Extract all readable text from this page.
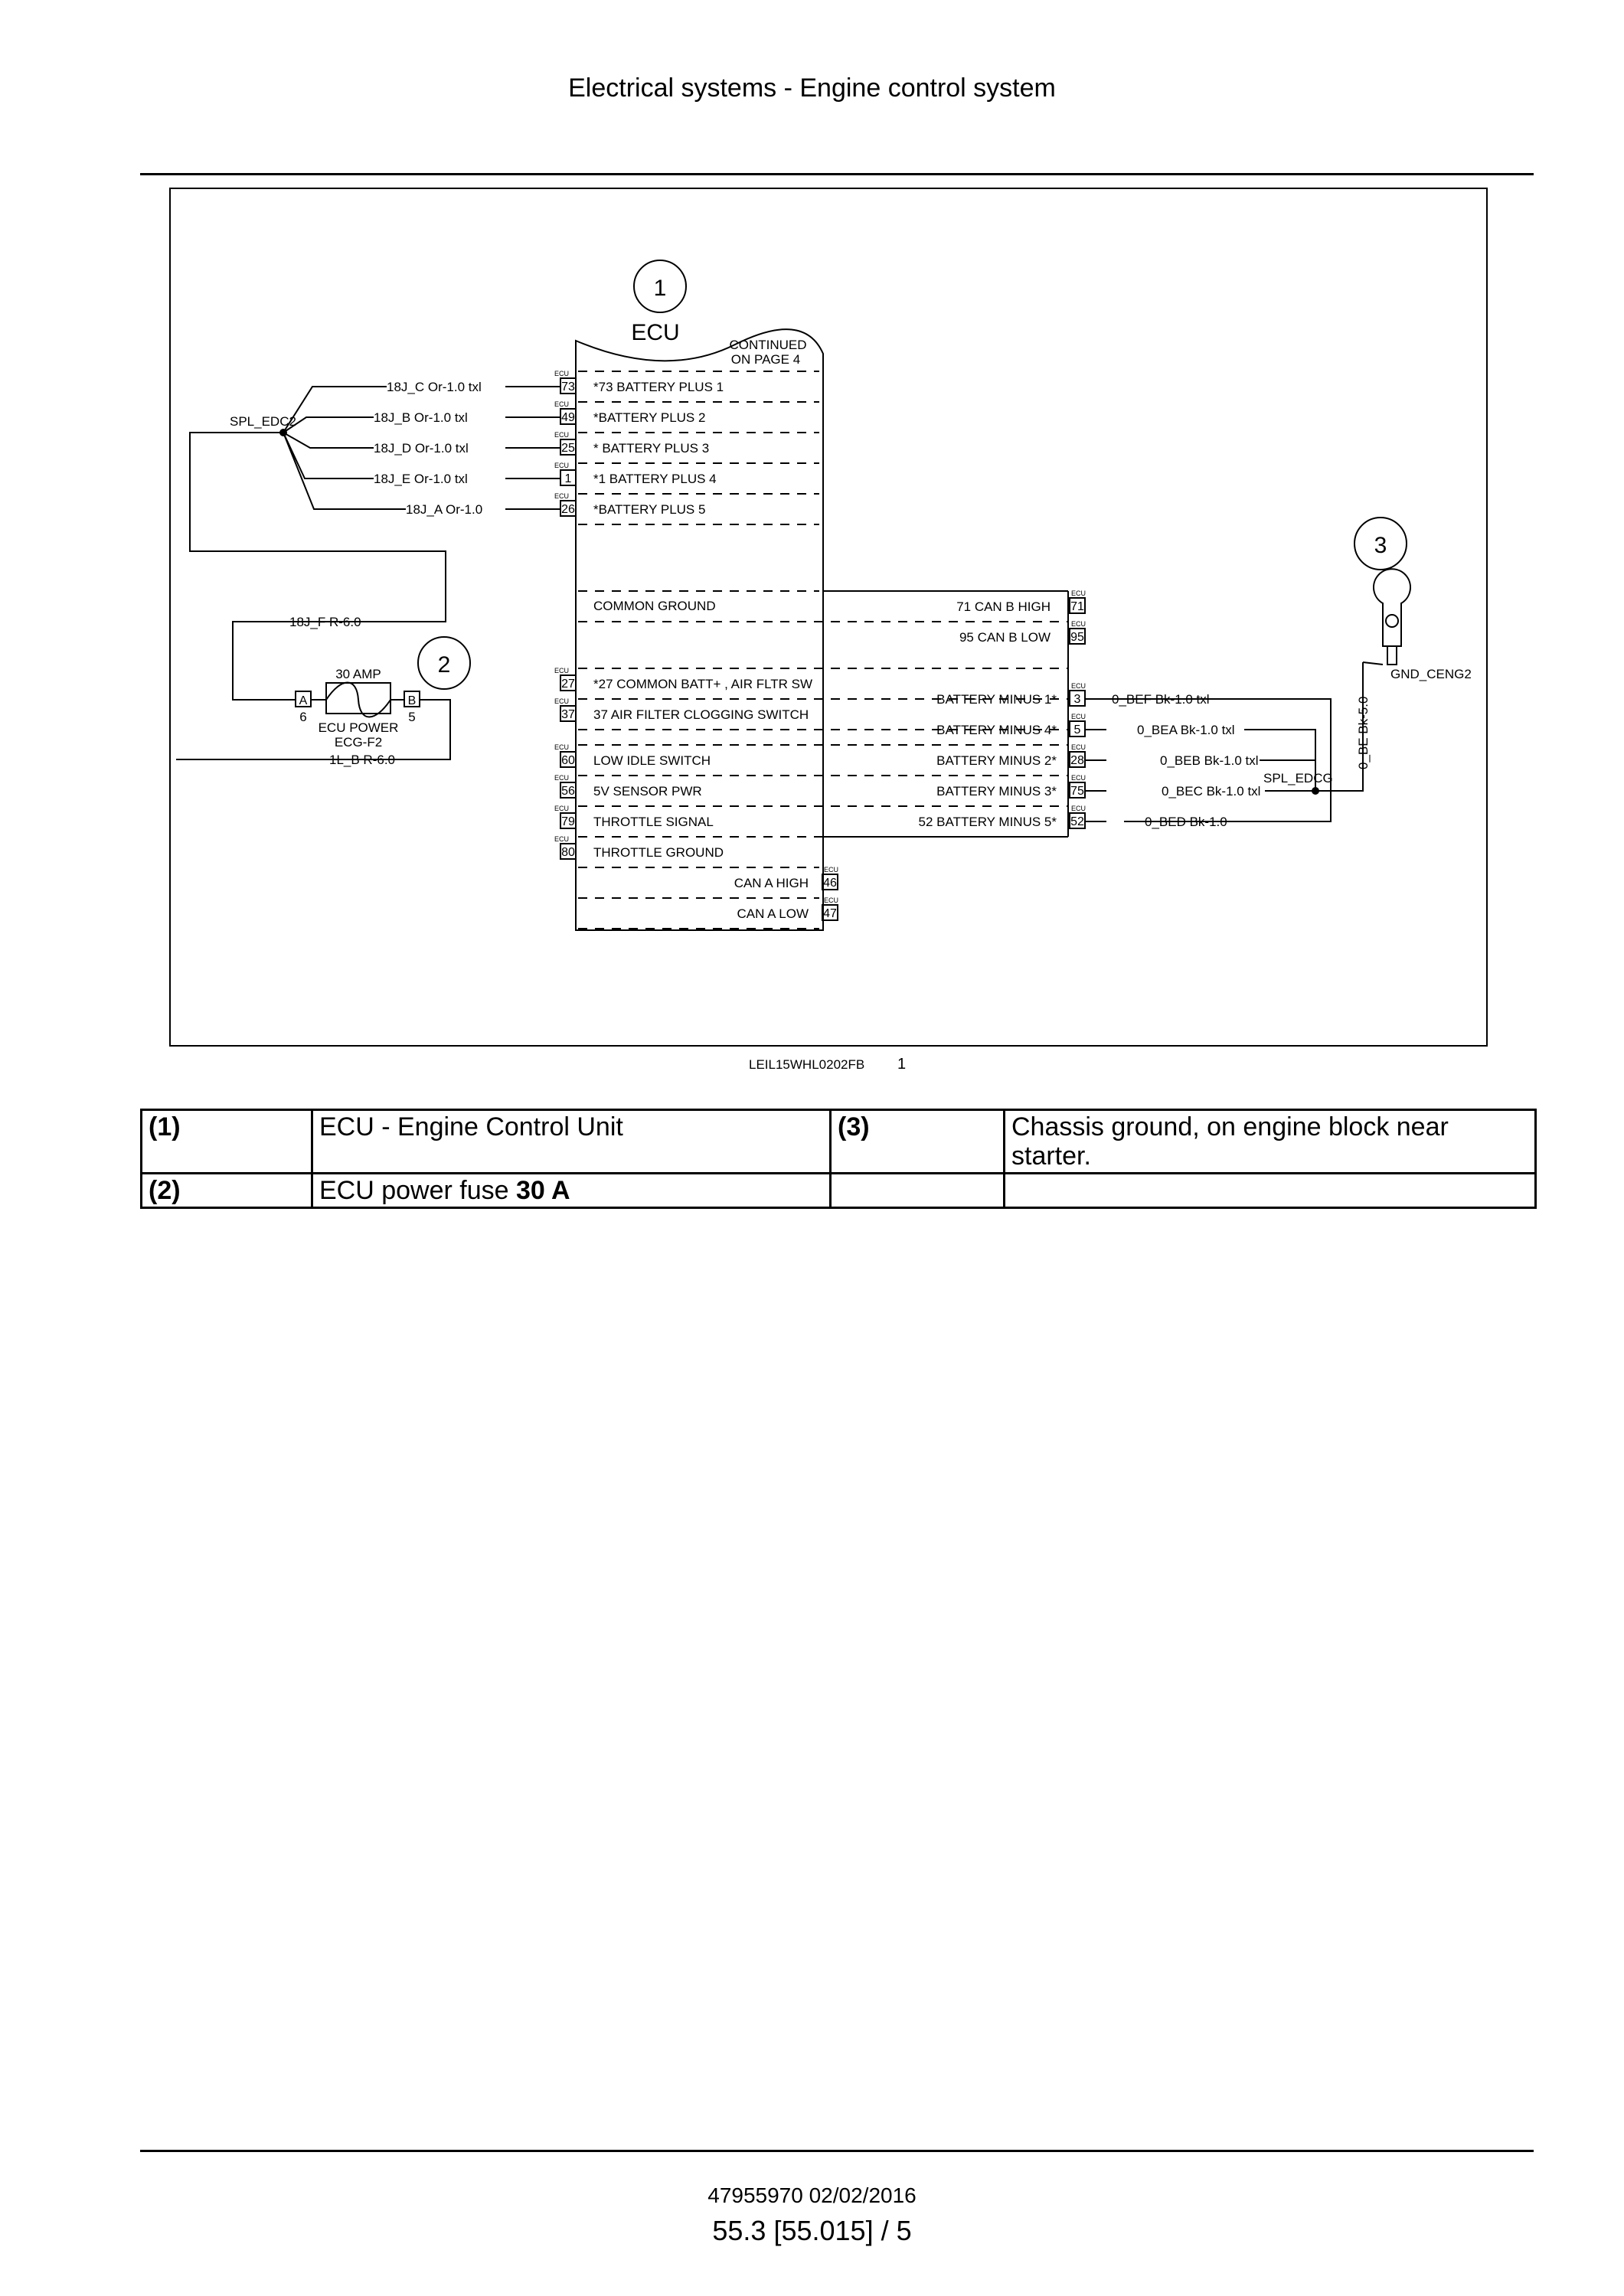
Electrical systems - Engine control system
1
2
3
ECU	CONTINUED
ON PAGE 4
SPL_EDC2
18J_F R-6.0
18J_C Or-1.0 txl
18J_B Or-1.0 txl
18J_D Or-1.0 txl
18J_E Or-1.0 txl
18J_A Or-1.0
A	B
30 AMP
6	5
ECU POWER
ECG-F2
1L_B R-6.0
73
ECU
*73 BATTERY PLUS 1
49
ECU
*BATTERY PLUS 2
25
ECU
* BATTERY PLUS 3
1
ECU
*1 BATTERY PLUS 4
26
ECU
*BATTERY PLUS 5
27
ECU
*27 COMMON BATT+ , AIR FLTR SW
37
ECU
37 AIR FILTER CLOGGING SWITCH
60
ECU
LOW IDLE SWITCH
56
ECU
5V SENSOR PWR
79
ECU
THROTTLE SIGNAL
80
ECU
THROTTLE GROUND
71
ECU
71 CAN B HIGH
95
ECU
95 CAN B LOW
3
ECU
BATTERY MINUS 1*
5
ECU
BATTERY MINUS 4*
28
ECU
BATTERY MINUS 2*
75
ECU
BATTERY MINUS 3*
52
ECU
52 BATTERY MINUS 5*
46
ECU
CAN A HIGH
47
ECU
CAN A LOW
COMMON GROUND
SPL_EDCG
0_BE Bk-5.0
GND_CENG2
0_BEF Bk-1.0 txl
0_BEA Bk-1.0 txl
0_BEB Bk-1.0 txl
0_BEC Bk-1.0 txl
0_BED Bk-1.0
LEIL15WHL0202FB 1
(1)	ECU - Engine Control Unit	(3)	Chassis ground, on engine block near starter.
(2)	ECU power fuse 30 A		
47955970 02/02/2016
55.3 [55.015] / 5
